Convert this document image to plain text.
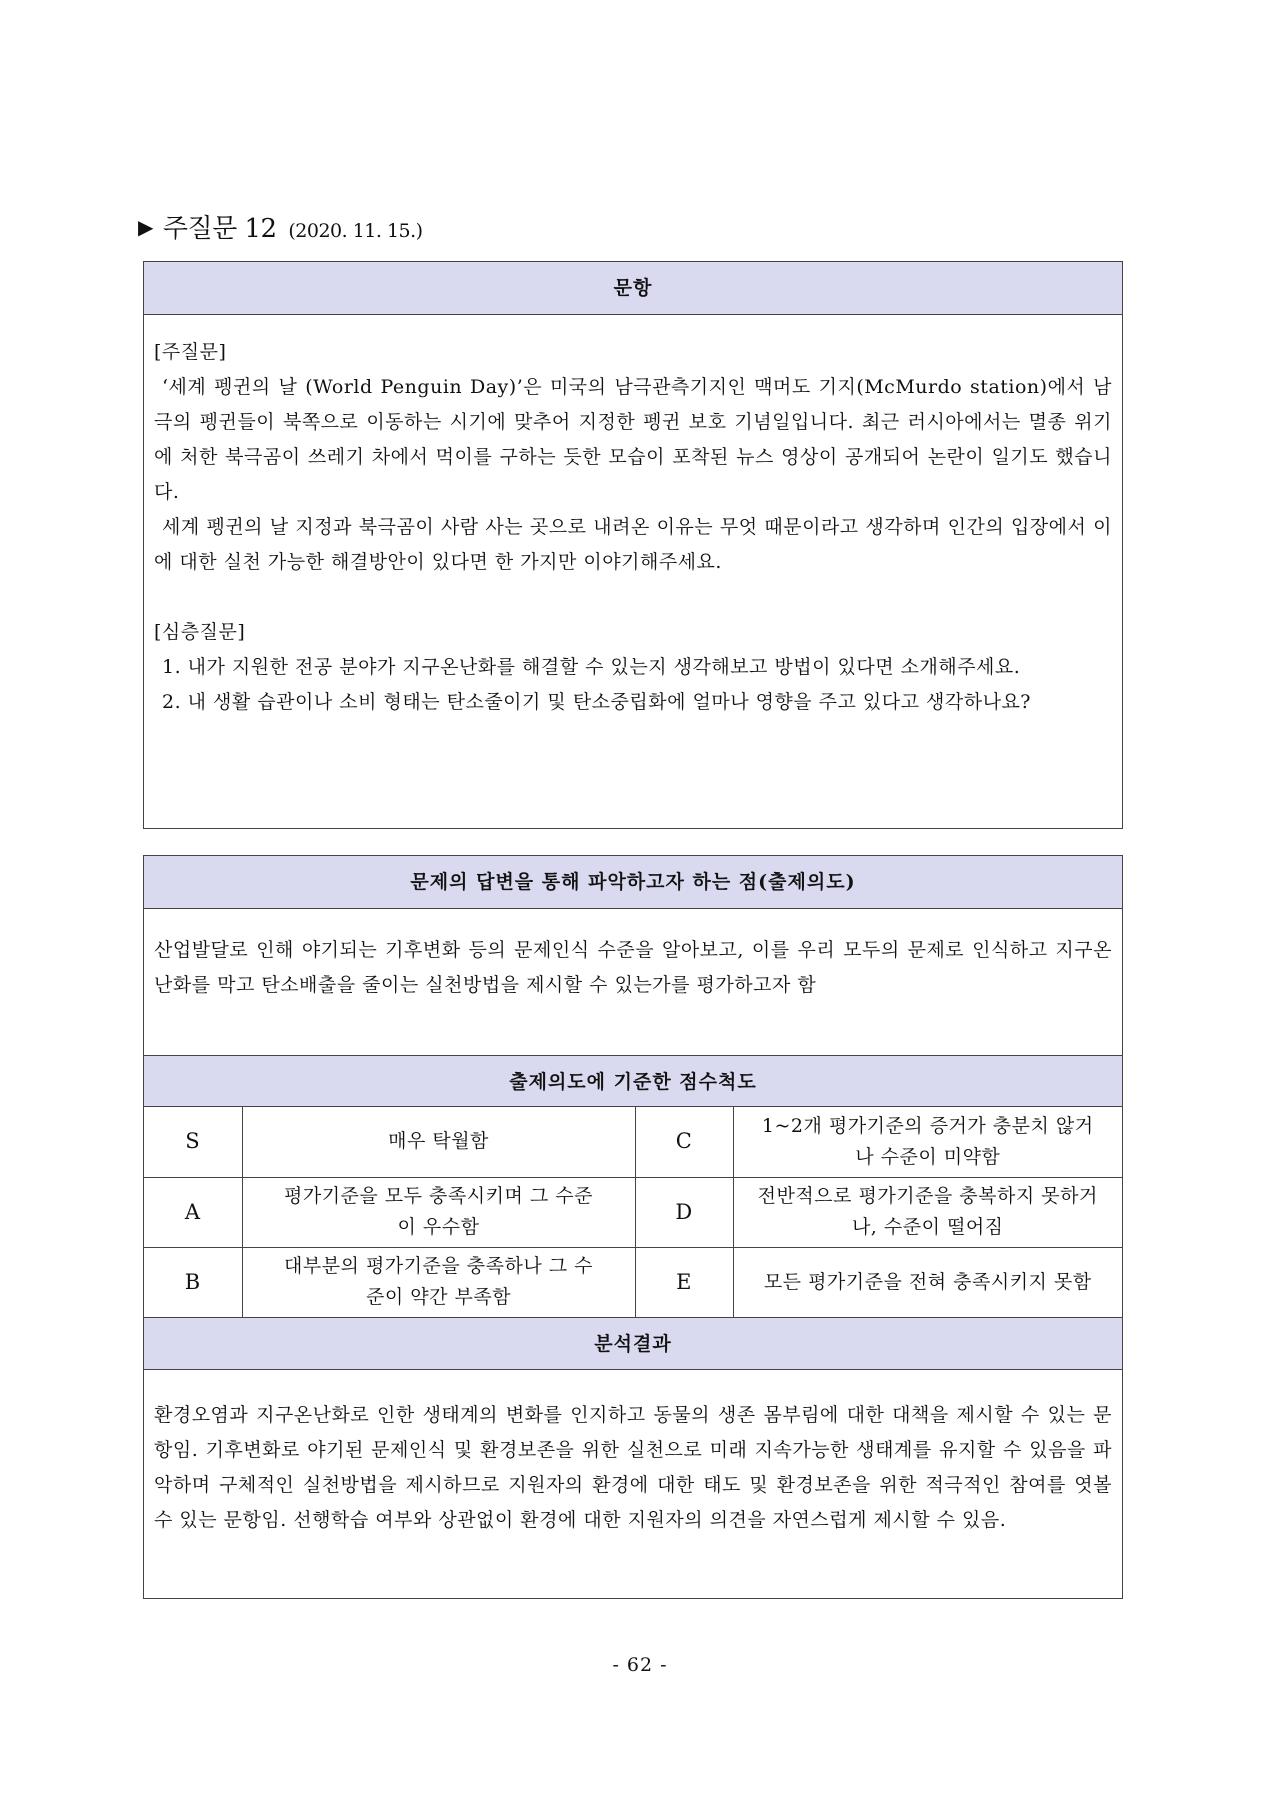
▶ 주질문 12 (2020. 11. 15.)
문항

[주질문]

‘세계 펭귄의 날 (World Penguin Day)’은 미국의 남극관측기지인 맥머도 기지(McMurdo station)에서 남극의 펭귄들이 북쪽으로 이동하는 시기에 맞추어 지정한 펭귄 보호 기념일입니다. 최근 러시아에서는 멸종 위기에 처한 북극곰이 쓰레기 차에서 먹이를 구하는 듯한 모습이 포착된 뉴스 영상이 공개되어 논란이 일기도 했습니다.

세계 펭귄의 날 지정과 북극곰이 사람 사는 곳으로 내려온 이유는 무엇 때문이라고 생각하며 인간의 입장에서 이에 대한 실천 가능한 해결방안이 있다면 한 가지만 이야기해주세요.

[심층질문]

1. 내가 지원한 전공 분야가 지구온난화를 해결할 수 있는지 생각해보고 방법이 있다면 소개해주세요.

2. 내 생활 습관이나 소비 형태는 탄소줄이기 및 탄소중립화에 얼마나 영향을 주고 있다고 생각하나요?

문제의 답변을 통해 파악하고자 하는 점(출제의도)
산업발달로 인해 야기되는 기후변화 등의 문제인식 수준을 알아보고, 이를 우리 모두의 문제로 인식하고 지구온난화를 막고 탄소배출을 줄이는 실천방법을 제시할 수 있는가를 평가하고자 함
출제의도에 기준한 점수척도
S	매우 탁월함	C	1~2개 평가기준의 증거가 충분치 않거나 수준이 미약함
A	평가기준을 모두 충족시키며 그 수준이 우수함	D	전반적으로 평가기준을 충복하지 못하거나, 수준이 떨어짐
B	대부분의 평가기준을 충족하나 그 수준이 약간 부족함	E	모든 평가기준을 전혀 충족시키지 못함
분석결과
환경오염과 지구온난화로 인한 생태계의 변화를 인지하고 동물의 생존 몸부림에 대한 대책을 제시할 수 있는 문항임. 기후변화로 야기된 문제인식 및 환경보존을 위한 실천으로 미래 지속가능한 생태계를 유지할 수 있음을 파악하며 구체적인 실천방법을 제시하므로 지원자의 환경에 대한 태도 및 환경보존을 위한 적극적인 참여를 엿볼 수 있는 문항임. 선행학습 여부와 상관없이 환경에 대한 지원자의 의견을 자연스럽게 제시할 수 있음.
- 62 -
